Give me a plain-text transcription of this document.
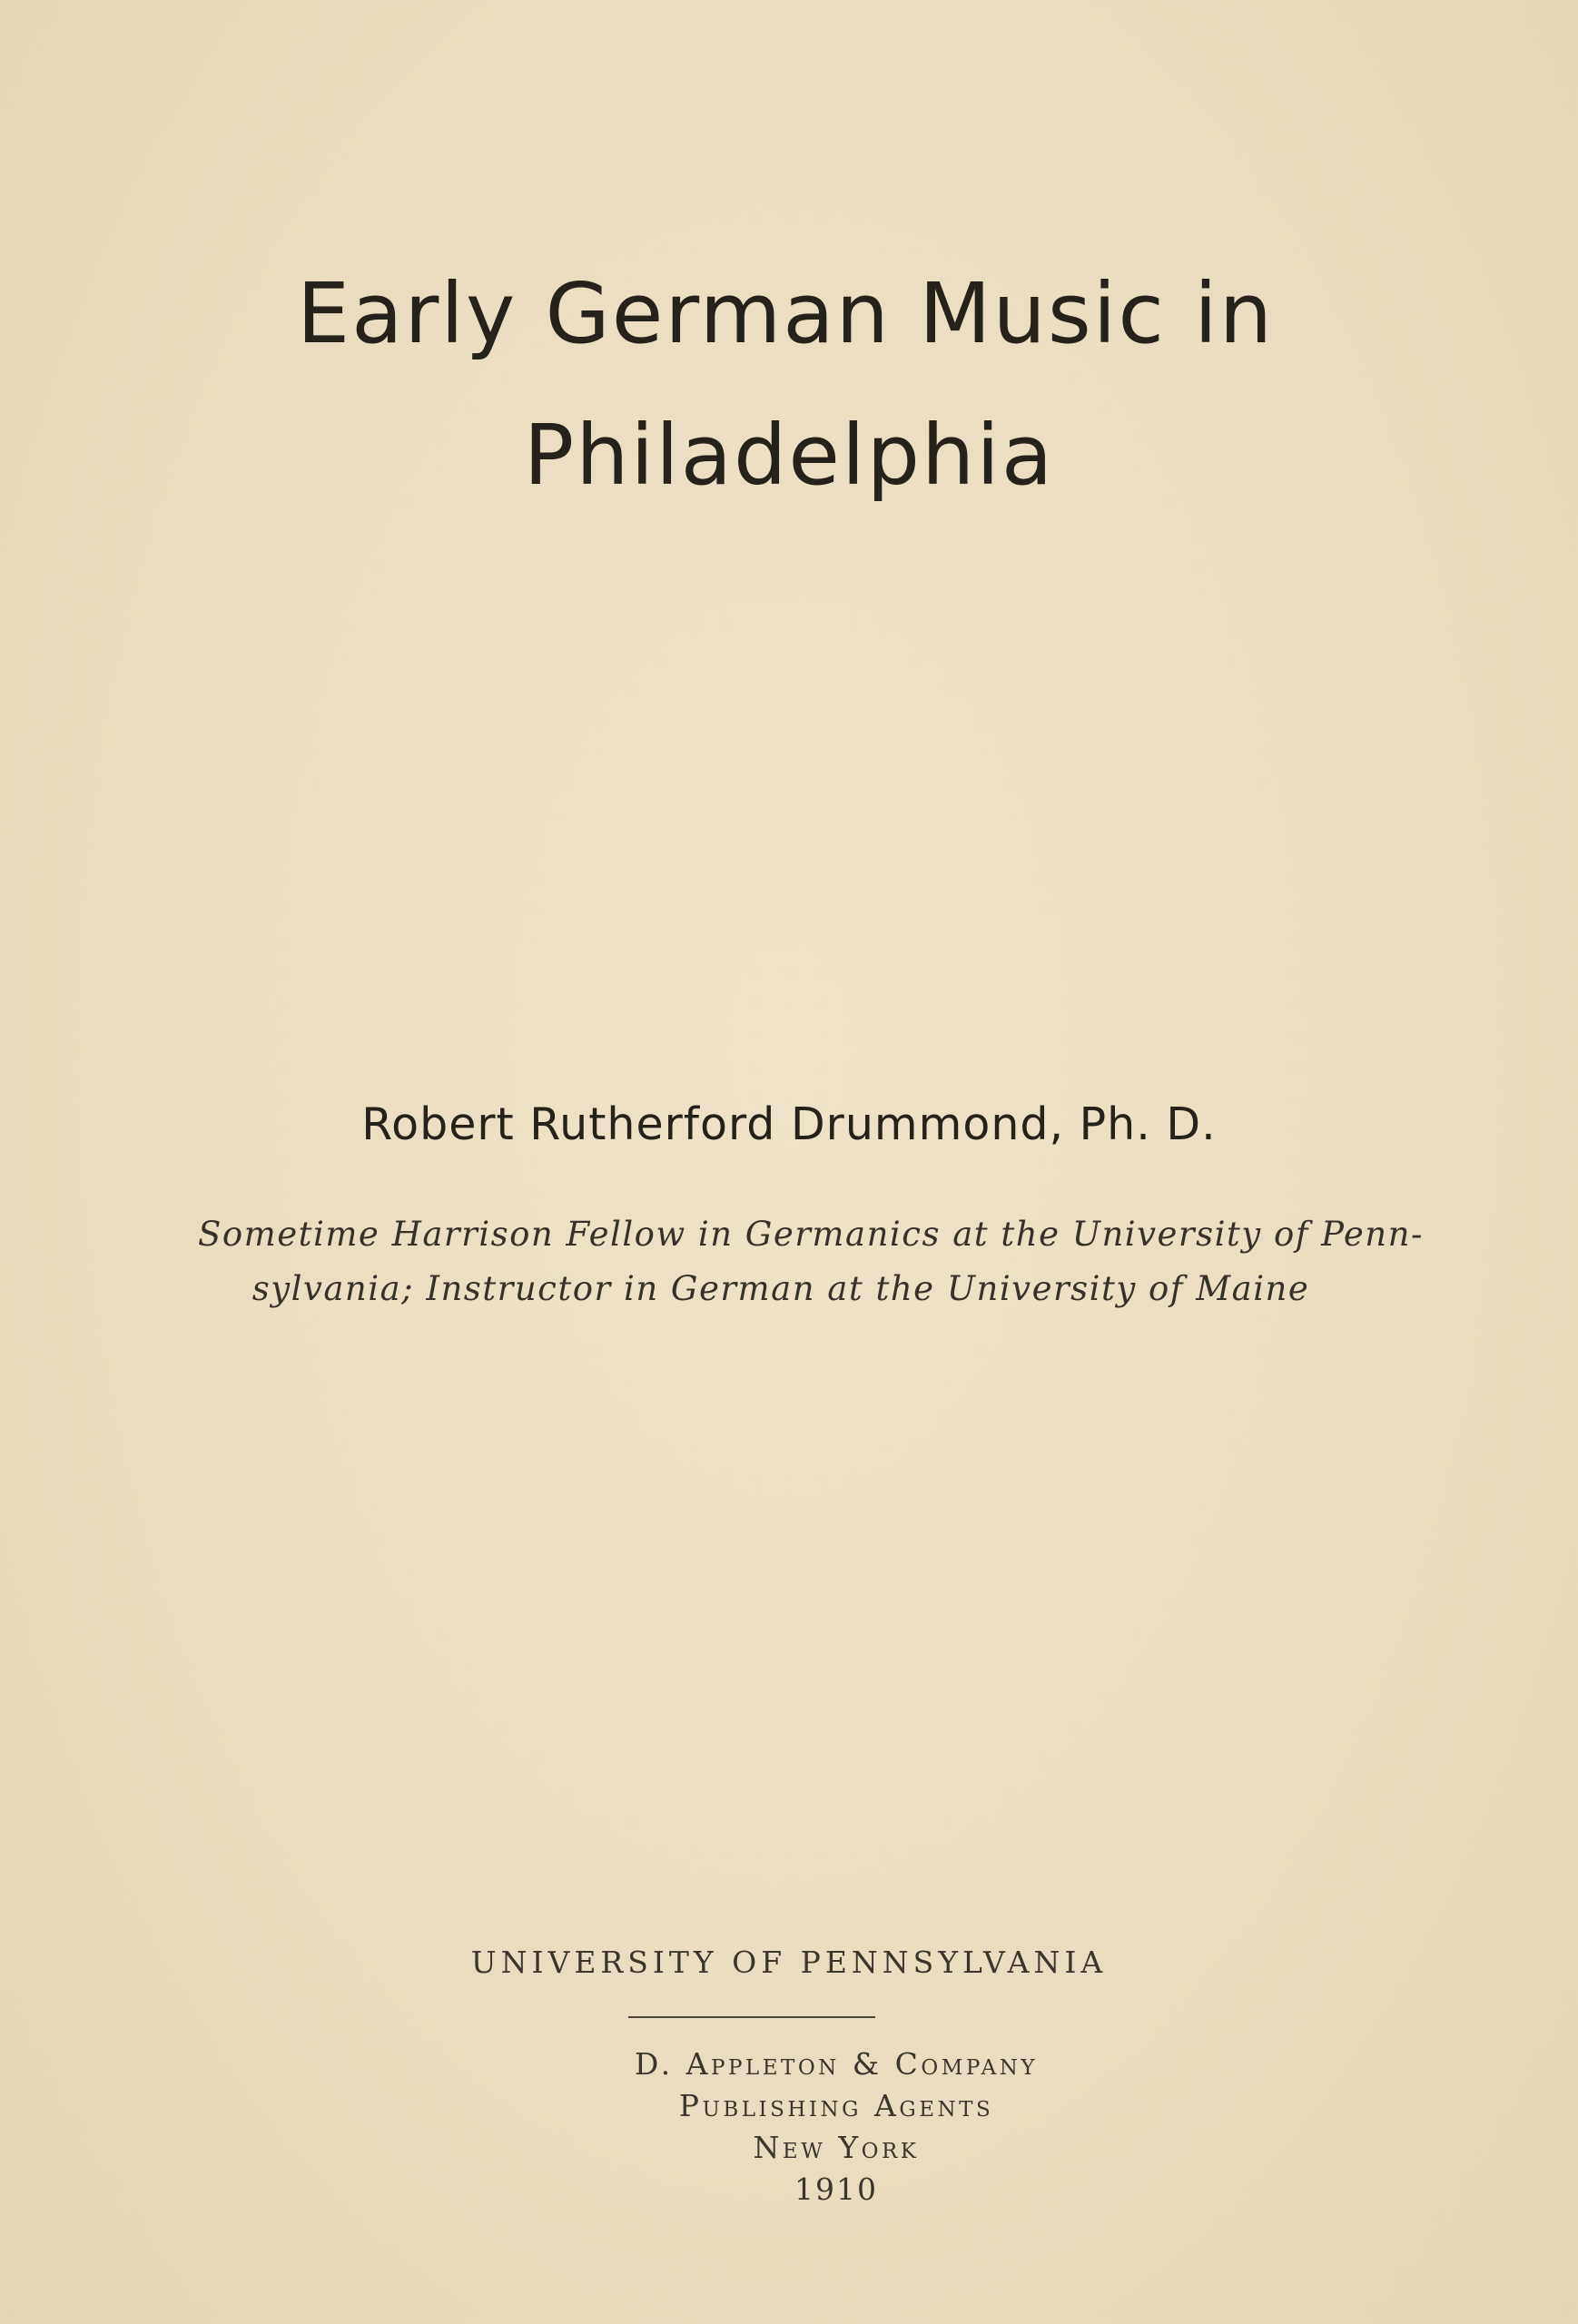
Early German Music in
Philadelphia
Robert Rutherford Drummond, Ph. D.
Sometime Harrison Fellow in Germanics at the University of Penn-
sylvania; Instructor in German at the University of Maine
UNIVERSITY OF PENNSYLVANIA
D. Appleton & Company
Publishing Agents
New York
1910
